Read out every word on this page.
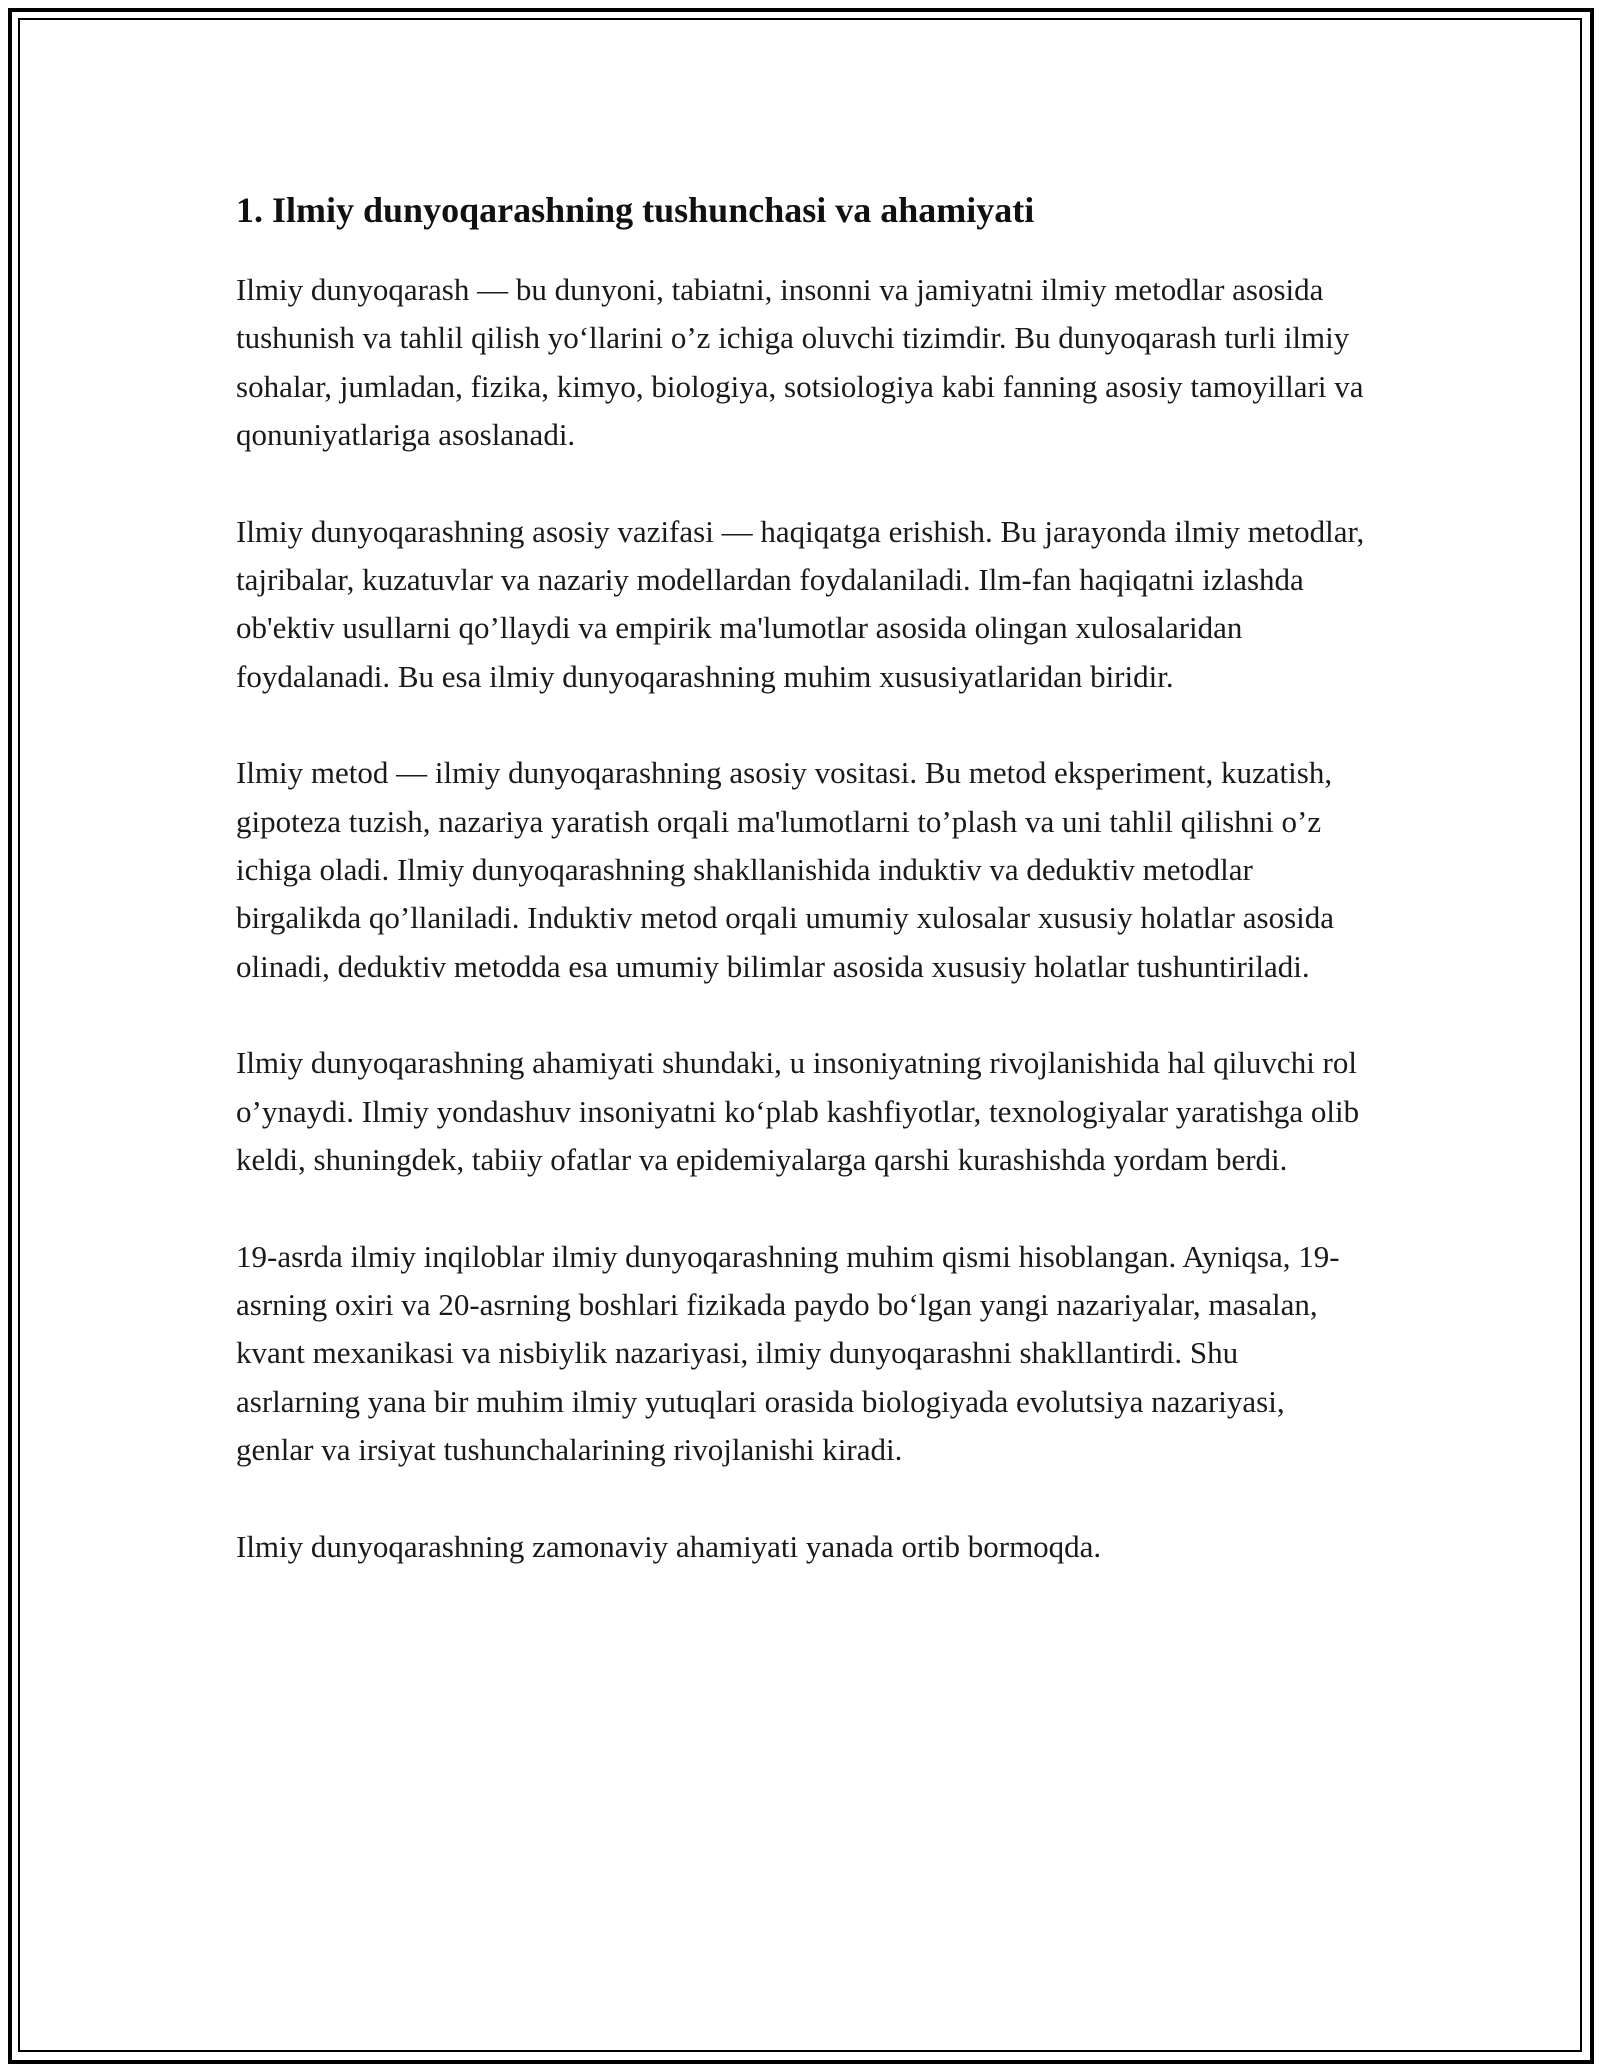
1. Ilmiy dunyoqarashning tushunchasi va ahamiyati

Ilmiy dunyoqarash — bu dunyoni, tabiatni, insonni va jamiyatni ilmiy metodlar asosida tushunish va tahlil qilish yo‘llarini o’z ichiga oluvchi tizimdir. Bu dunyoqarash turli ilmiy sohalar, jumladan, fizika, kimyo, biologiya, sotsiologiya kabi fanning asosiy tamoyillari va qonuniyatlariga asoslanadi.

Ilmiy dunyoqarashning asosiy vazifasi — haqiqatga erishish. Bu jarayonda ilmiy metodlar, tajribalar, kuzatuvlar va nazariy modellardan foydalaniladi. Ilm-fan haqiqatni izlashda ob'ektiv usullarni qo’llaydi va empirik ma'lumotlar asosida olingan xulosalaridan foydalanadi. Bu esa ilmiy dunyoqarashning muhim xususiyatlaridan biridir.

Ilmiy metod — ilmiy dunyoqarashning asosiy vositasi. Bu metod eksperiment, kuzatish, gipoteza tuzish, nazariya yaratish orqali ma'lumotlarni to’plash va uni tahlil qilishni o’z ichiga oladi. Ilmiy dunyoqarashning shakllanishida induktiv va deduktiv metodlar birgalikda qo’llaniladi. Induktiv metod orqali umumiy xulosalar xususiy holatlar asosida olinadi, deduktiv metodda esa umumiy bilimlar asosida xususiy holatlar tushuntiriladi.

Ilmiy dunyoqarashning ahamiyati shundaki, u insoniyatning rivojlanishida hal qiluvchi rol o’ynaydi. Ilmiy yondashuv insoniyatni ko‘plab kashfiyotlar, texnologiyalar yaratishga olib keldi, shuningdek, tabiiy ofatlar va epidemiyalarga qarshi kurashishda yordam berdi.

19-asrda ilmiy inqiloblar ilmiy dunyoqarashning muhim qismi hisoblangan. Ayniqsa, 19-asrning oxiri va 20-asrning boshlari fizikada paydo bo‘lgan yangi nazariyalar, masalan, kvant mexanikasi va nisbiylik nazariyasi, ilmiy dunyoqarashni shakllantirdi. Shu asrlarning yana bir muhim ilmiy yutuqlari orasida biologiyada evolutsiya nazariyasi, genlar va irsiyat tushunchalarining rivojlanishi kiradi.

Ilmiy dunyoqarashning zamonaviy ahamiyati yanada ortib bormoqda.
